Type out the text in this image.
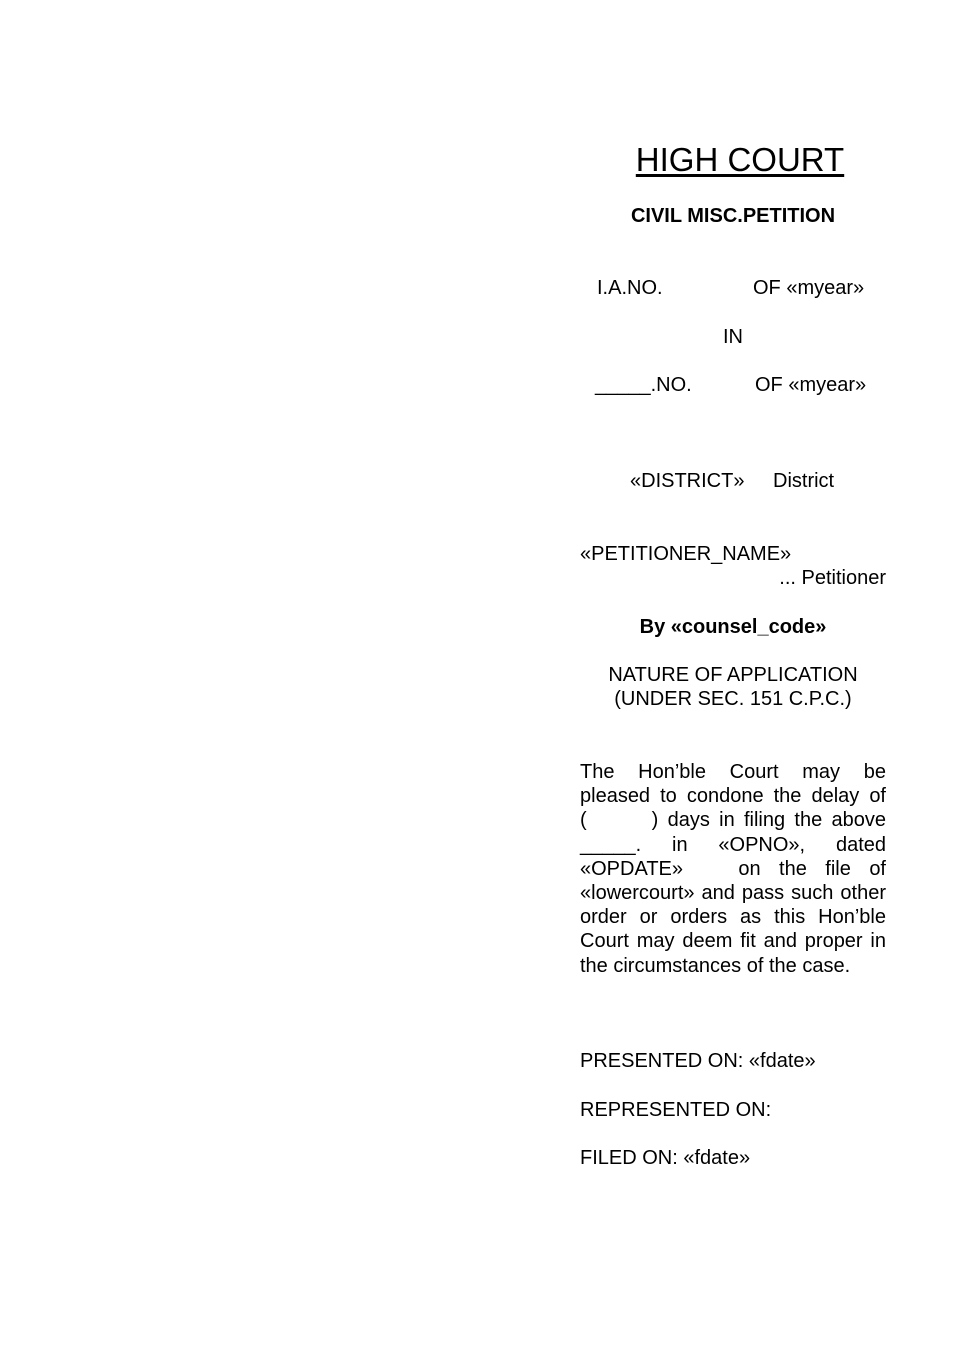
HIGH COURT
CIVIL MISC.PETITION
I.A.NO.	OF «myear»
IN
_____.NO.	OF «myear»
«DISTRICT» District
«PETITIONER_NAME»
... Petitioner
By «counsel_code»
NATURE OF APPLICATION
(UNDER SEC. 151 C.P.C.)

The Hon’ble Court may be pleased to condone the delay of (       ) days in filing the above _____. in «OPNO», dated «OPDATE»   on the file of «lowercourt» and pass such other order or orders as this Hon’ble Court may deem fit and proper in the circumstances of the case.

PRESENTED ON: «fdate»
REPRESENTED ON:
FILED ON: «fdate»
